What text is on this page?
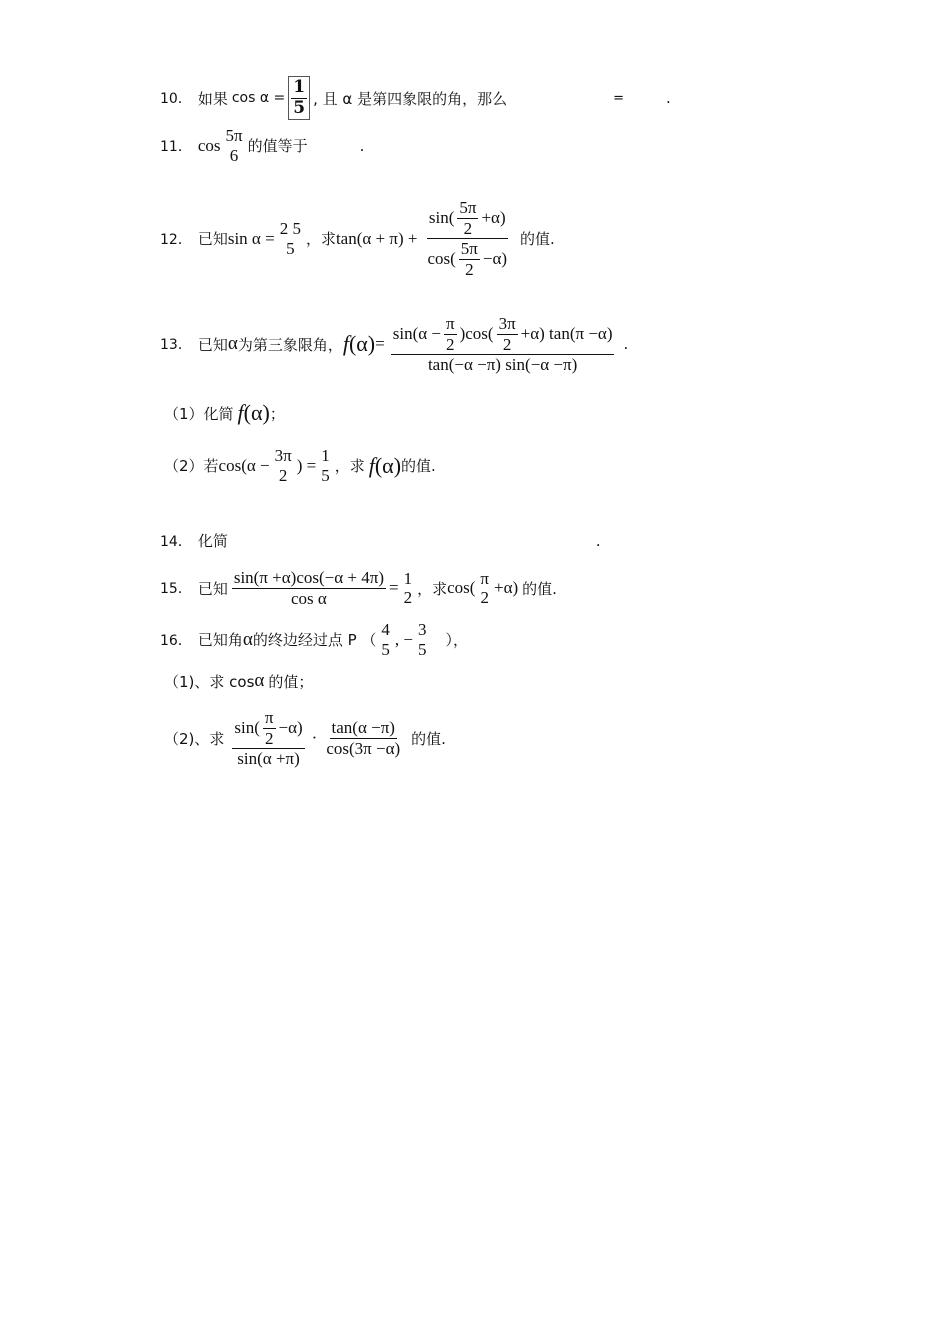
10． 如果 $\cos \alpha = \frac{1}{5}$ , 且 α 是第四象限的角，那么	=	.
11． cos
5π
6 的值等于	.
12． 已知 sin α =
2 5
5 ，求 $\tan(\alpha + \pi) + \frac{\sin( \frac{5\pi}{2} +\alpha)}{\cos( \frac{5\pi}{2} -\alpha)}$ 的值.
13． 已知 α 为第三象限角， f (α) =
$\sin(\alpha - \frac{\pi}{2} )\cos( \frac{3\pi}{2} +\alpha)$ tan(π −α)
tan(−α −π) sin(−α −π)
.
（1）化简 f (α) ；
（2）若 cos(α −
3π
2
) =
1
5 ，求 f (α) 的值.
14． 化简	.
15． 已知 $\frac{\sin(\pi +\alpha)\cos(-\alpha + 4\pi)}{\text{cos α}}$ =
1
2 ，求 cos(
π
2
+α) 的值.
16． 已知角 α 的终边经过点 P （
4
5
, −
3
5 ），
（1)、求 cos α 的值；
（2)、求 $\frac{\sin( \frac{\pi}{2} -\alpha)}{\sin(\alpha +\pi)} \cdot \frac{\tan(\alpha -\pi)}{\cos(3\pi -\alpha)}$ 的值.
